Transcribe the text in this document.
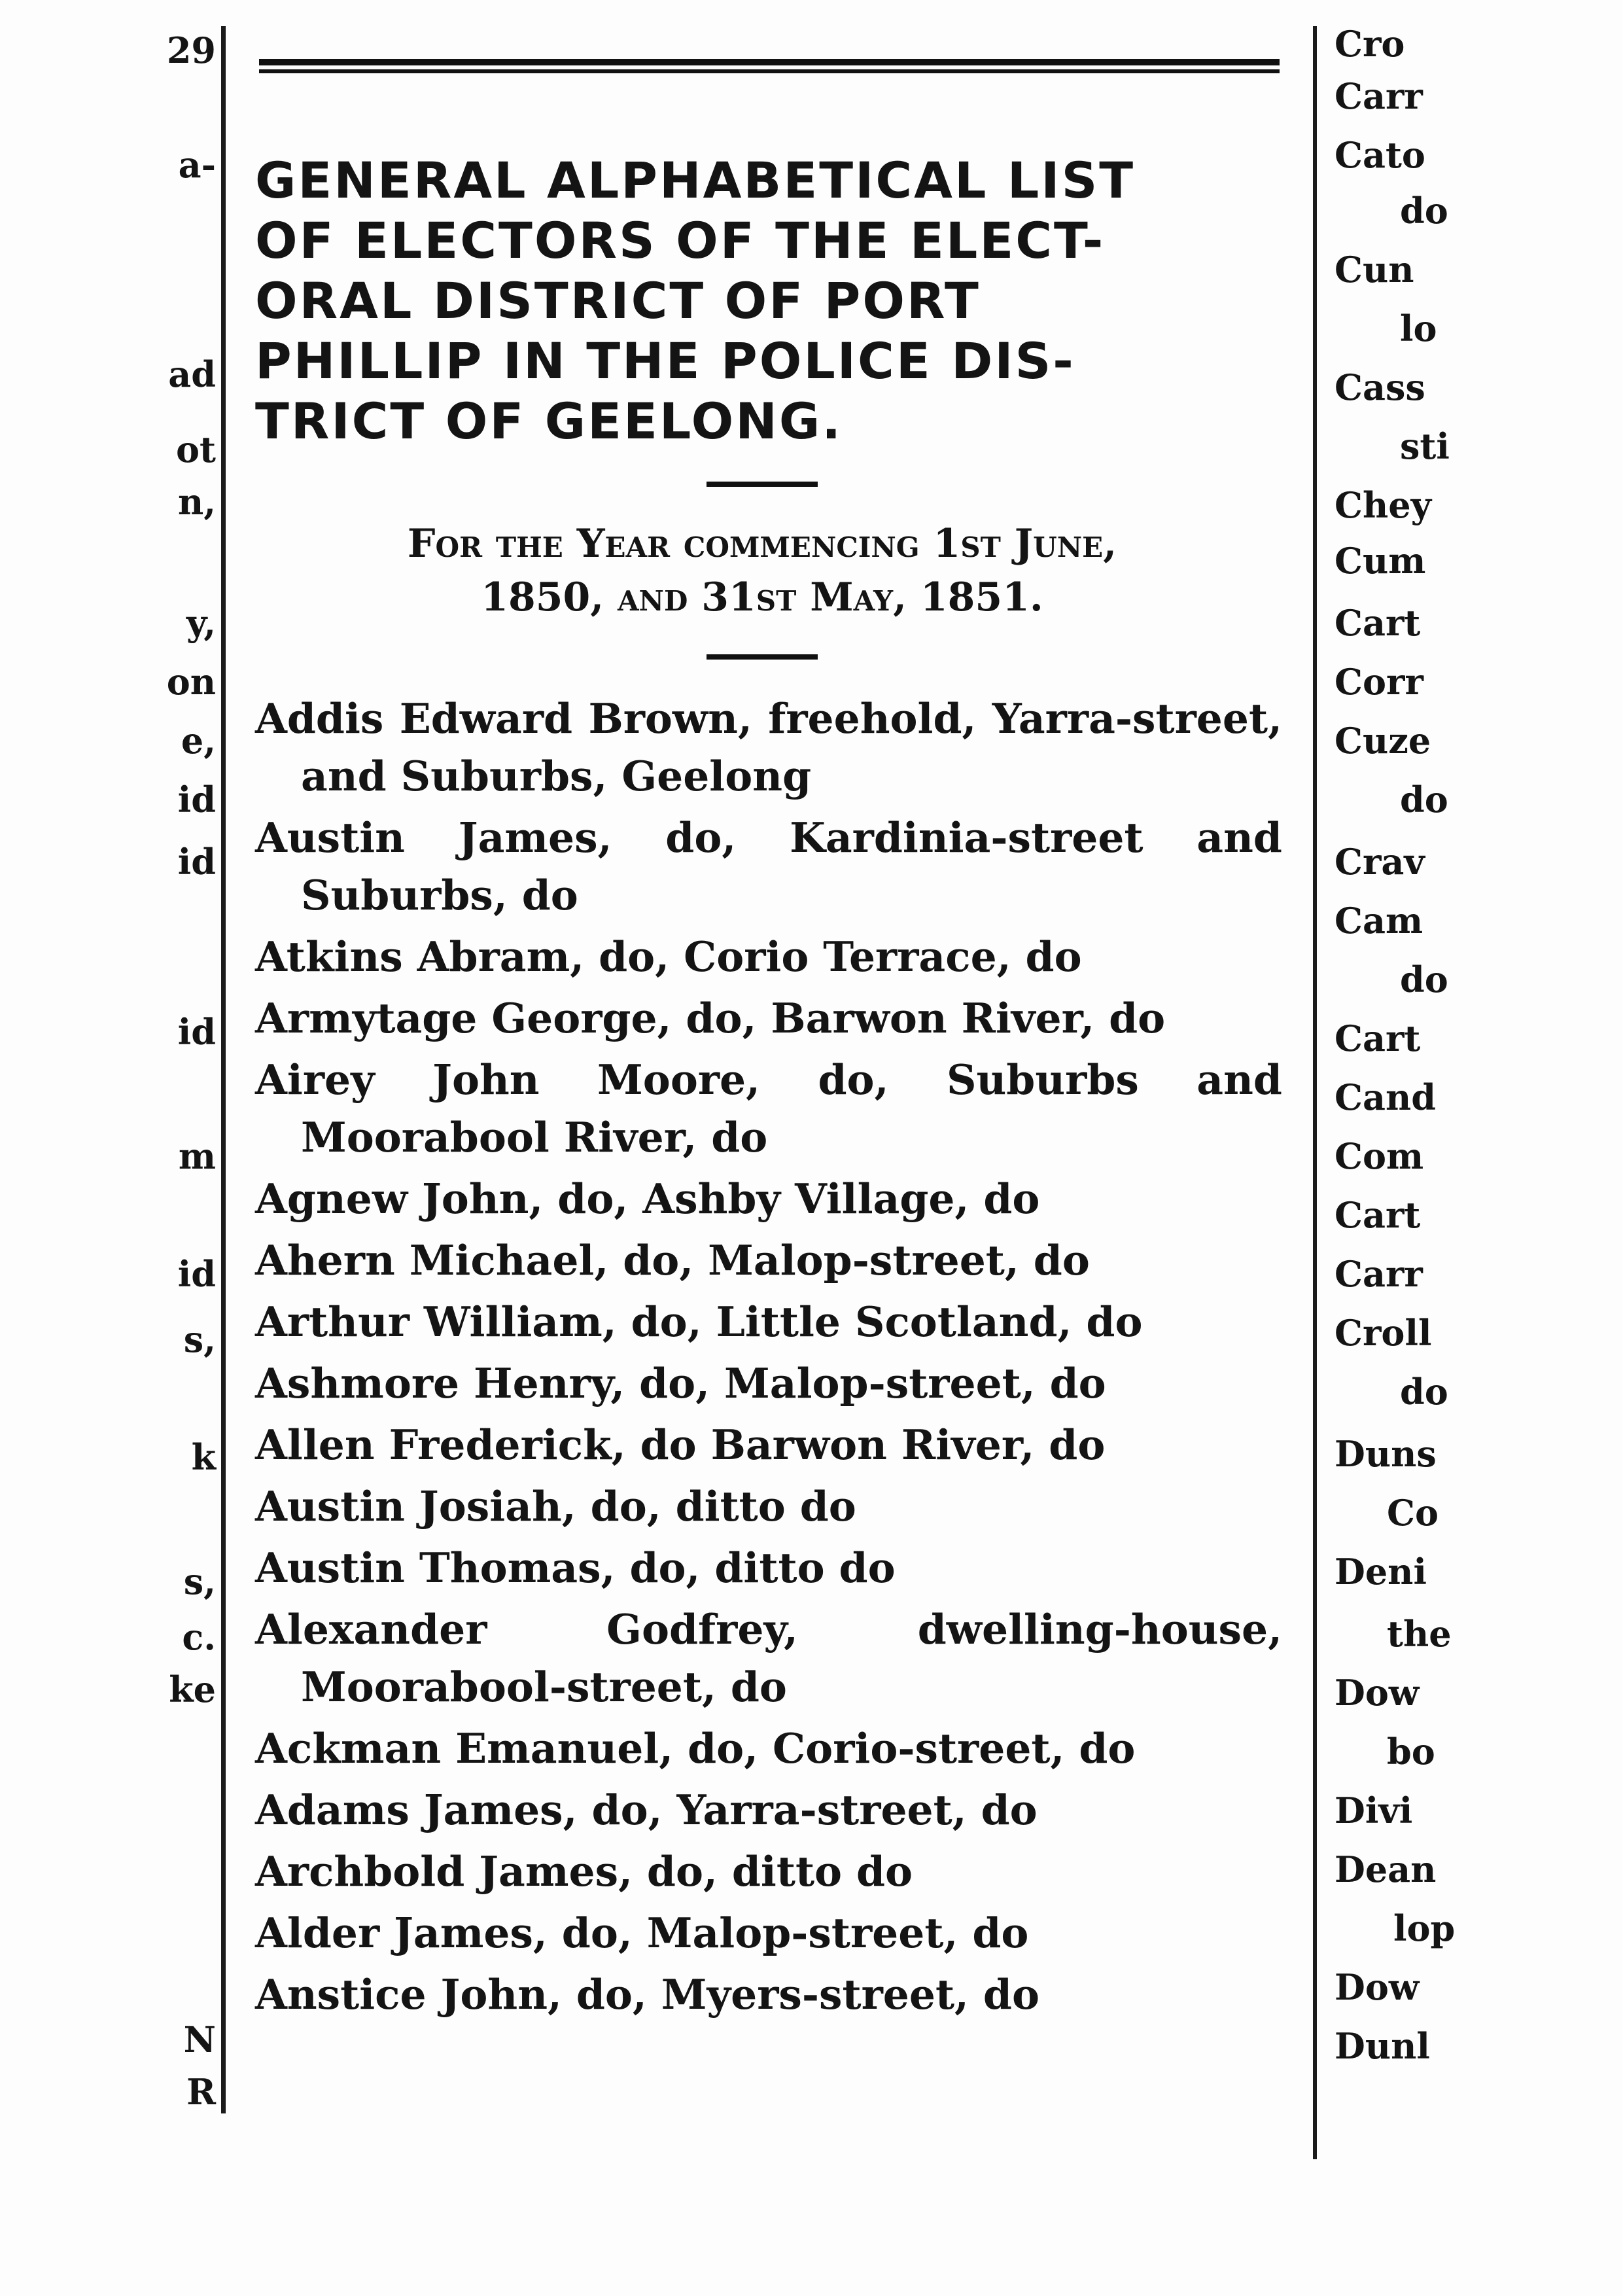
29
a-
ad
ot
n,
y,
on
e,
id
id
id
m
id
s,
k
s,
c.
ke
N
R
Cro
Carr
Cato
do
Cun
lo
Cass
sti
Chey
Cum
Cart
Corr
Cuze
do
Crav
Cam
do
Cart
Cand
Com
Cart
Carr
Croll
do
Duns
Co
Deni
the
Dow
bo
Divi
Dean
lop
Dow
Dunl
GENERAL ALPHABETICAL LIST
OF ELECTORS OF THE ELECT-
ORAL DISTRICT OF PORT
PHILLIP IN THE POLICE DIS-
TRICT OF GEELONG.
For the Year commencing 1st June,
1850, and 31st May, 1851.
Addis Edward Brown, freehold, Yarra-street, and Suburbs, Geelong
Austin James, do, Kardinia-street and Suburbs, do
Atkins Abram, do, Corio Terrace, do
Armytage George, do, Barwon River, do
Airey John Moore, do, Suburbs and Moorabool River, do
Agnew John, do, Ashby Village, do
Ahern Michael, do, Malop-street, do
Arthur William, do, Little Scotland, do
Ashmore Henry, do, Malop-street, do
Allen Frederick, do Barwon River, do
Austin Josiah, do, ditto do
Austin Thomas, do, ditto do
Alexander Godfrey, dwelling-house, Moorabool-street, do
Ackman Emanuel, do, Corio-street, do
Adams James, do, Yarra-street, do
Archbold James, do, ditto do
Alder James, do, Malop-street, do
Anstice John, do, Myers-street, do
